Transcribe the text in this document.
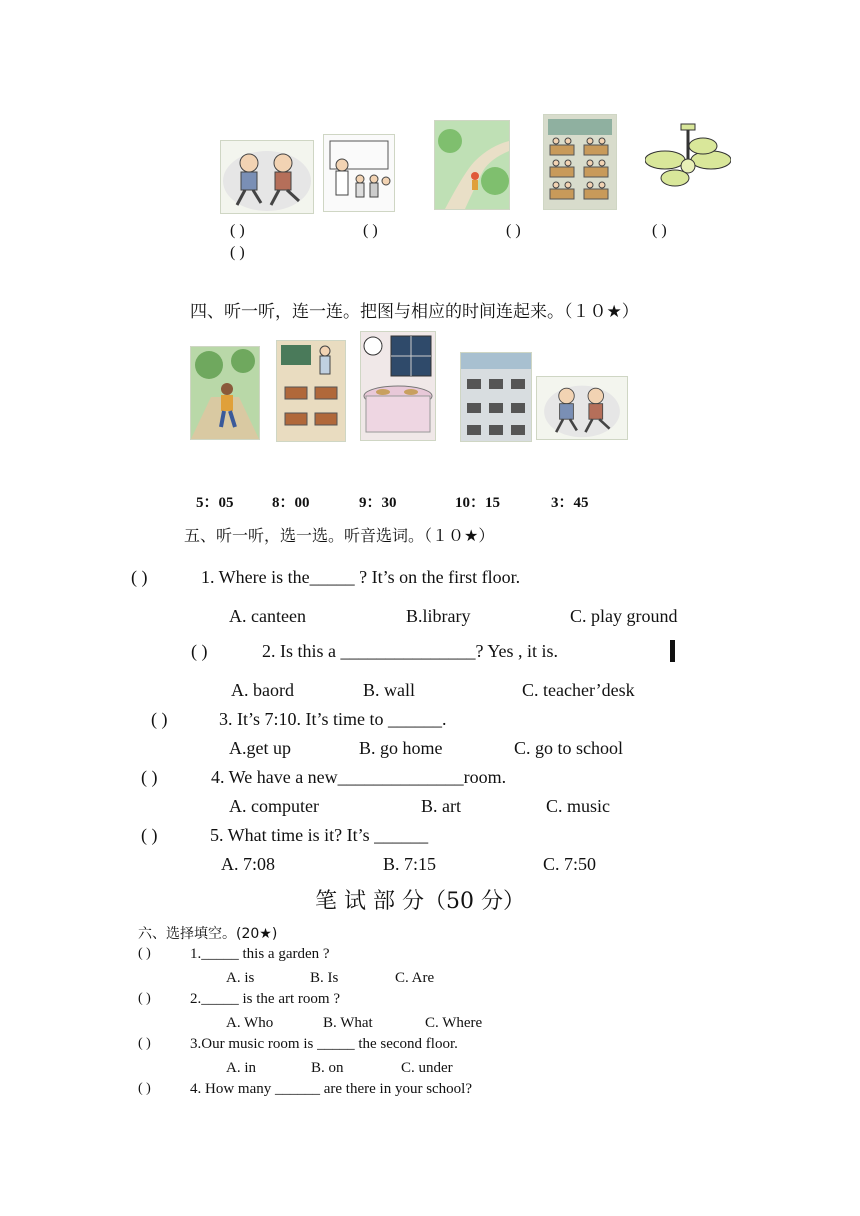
( )	( )	( )	( )
( )
四、听一听，连一连。把图与相应的时间连起来。（１０★）
5：05	8：00	9：30	10：15	3：45
五、听一听，选一选。听音选词。（１０★）
( )	1. Where is the_____ ? It’s on the first floor.
A. canteen	B.library	C. play ground
( )	2. Is this a _______________? Yes , it is.
A. baord	B. wall	C. teacher’desk
( )	3. It’s 7:10. It’s time to ______.
A.get up	B. go home	C. go to school
( )	4. We have a new______________room.
A. computer	B. art	C. music
( )	5. What time is it? It’s ______
A. 7:08	B. 7:15	C. 7:50
笔 试 部 分（50 分）
六、选择填空。(20★)
( )	1._____ this a garden ?
A. is	B. Is	C. Are
( )	2._____ is the art room ?
A. Who	B. What	C. Where
( )	3.Our music room is _____ the second floor.
A. in	B. on	C. under
( )	4. How many ______ are there in your school?
